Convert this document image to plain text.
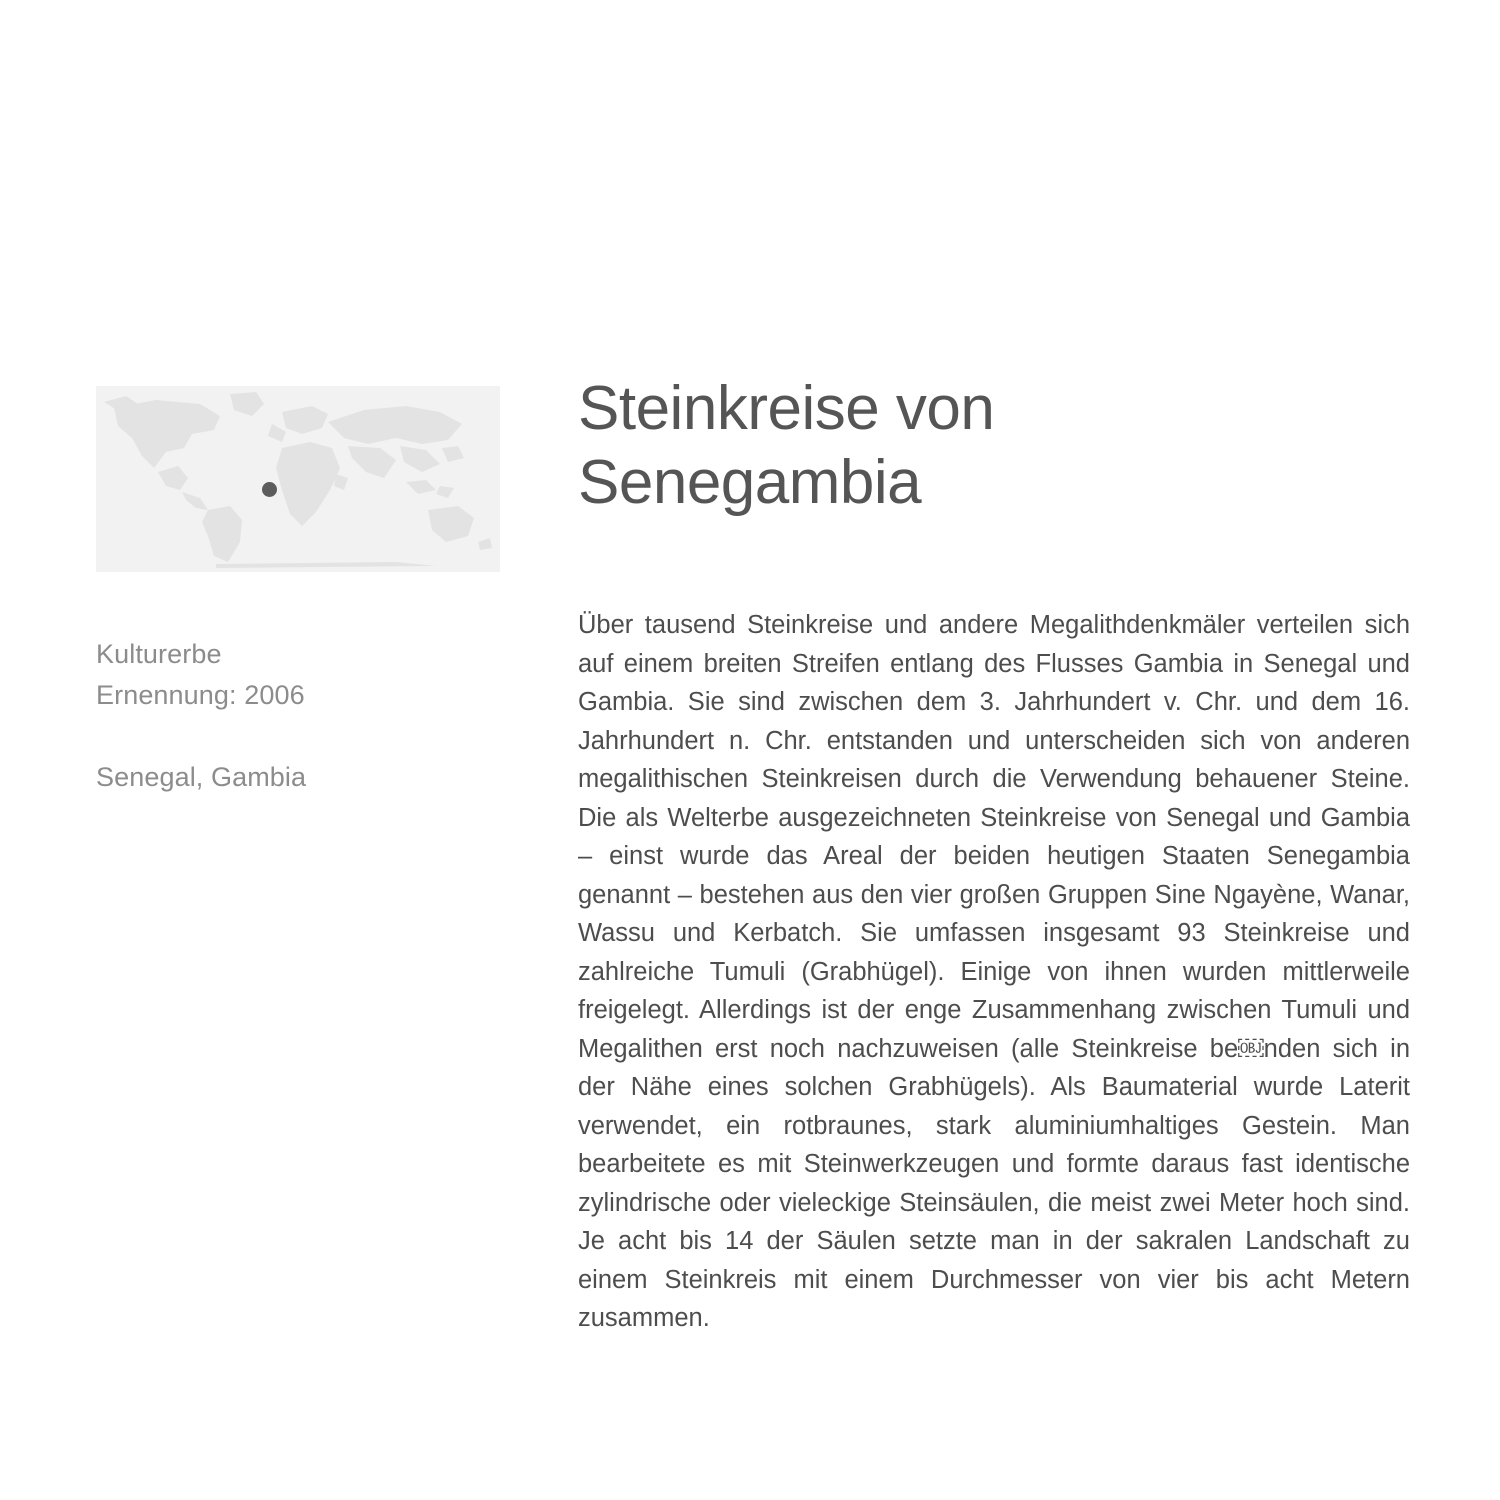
Kulturerbe
Ernennung: 2006
Senegal, Gambia
Steinkreise von
Senegambia

Über tausend Steinkreise und andere Megalithdenkmäler verteilen sich auf einem breiten Streifen entlang des Flusses Gambia in Senegal und Gambia. Sie sind zwischen dem 3. Jahrhundert v. Chr. und dem 16. Jahrhundert n. Chr. entstanden und unterscheiden sich von anderen megalithischen Steinkreisen durch die Verwendung behauener Steine. Die als Welterbe ausgezeichneten Steinkreise von Senegal und Gambia – einst wurde das Areal der beiden heutigen Staaten Senegambia genannt – bestehen aus den vier großen Gruppen Sine Ngayène, Wanar, Wassu und Kerbatch. Sie umfassen insgesamt 93 Steinkreise und zahlreiche Tumuli (Grabhügel). Einige von ihnen wurden mittlerweile freigelegt. Allerdings ist der enge Zusammenhang zwischen Tumuli und Megalithen erst noch nachzuweisen (alle Steinkreise be￼nden sich in der Nähe eines solchen Grabhügels). Als Baumaterial wurde Laterit verwendet, ein rotbraunes, stark aluminiumhaltiges Gestein. Man bearbeitete es mit Steinwerkzeugen und formte daraus fast identische zylindrische oder vieleckige Steinsäulen, die meist zwei Meter hoch sind. Je acht bis 14 der Säulen setzte man in der sakralen Landschaft zu einem Steinkreis mit einem Durchmesser von vier bis acht Metern zusammen.
